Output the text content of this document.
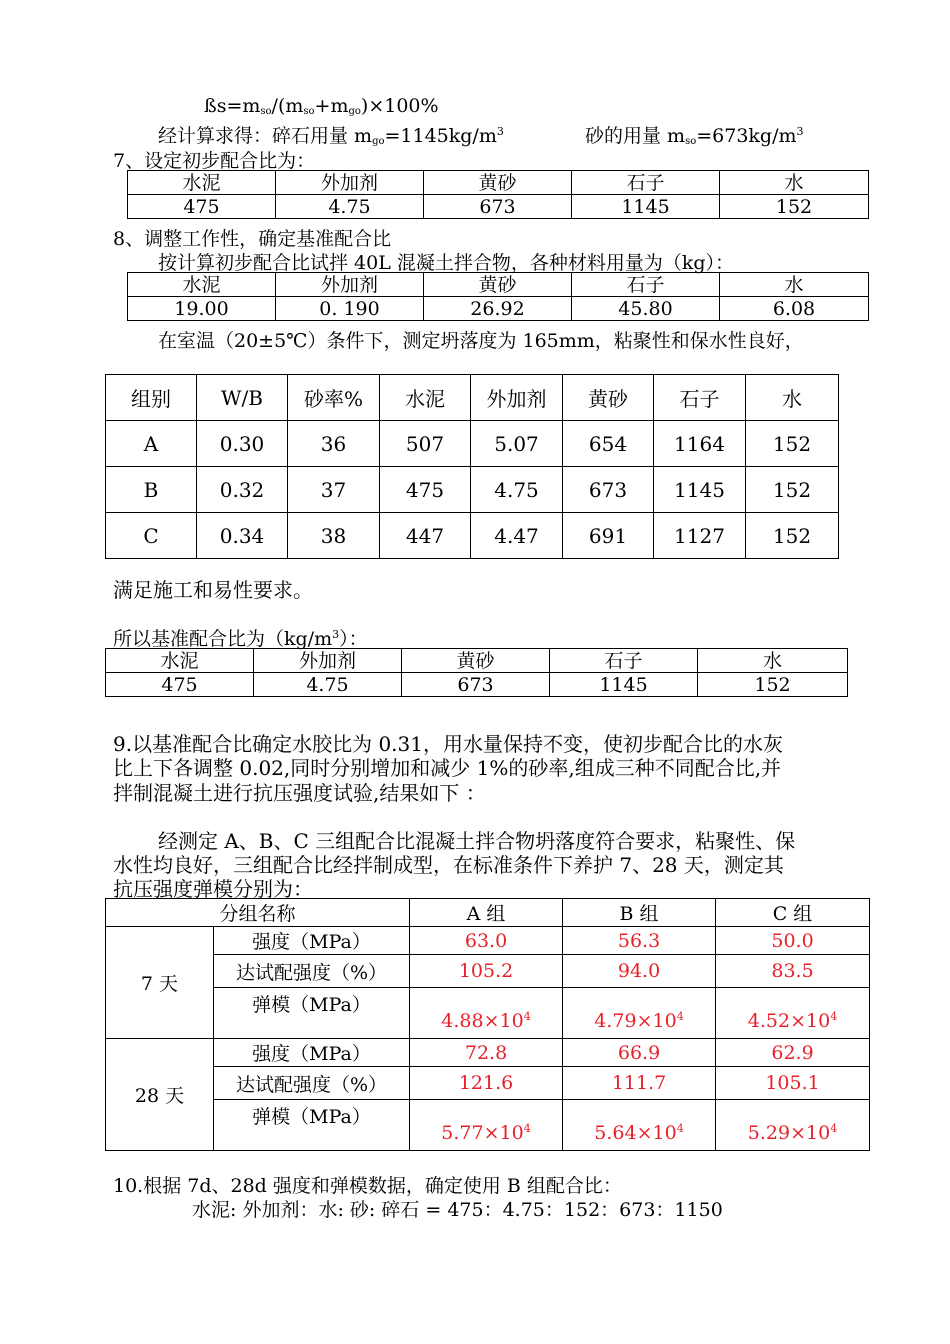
$ßs=m_{so}/(m_{so}+m_{go})\times 100\%$
经计算求得：碎石用量 $m_{go}=1145kg/m^3$	砂的用量 $m_{so}=673kg/m^3$
7、设定初步配合比为：
水泥	外加剂	黄砂	石子	水
475	4.75	673	1145	152
8、调整工作性，确定基准配合比
按计算初步配合比试拌 40L 混凝土拌合物，各种材料用量为（kg）：
水泥	外加剂	黄砂	石子	水
19.00	0. 190	26.92	45.80	6.08
在室温（20±5℃）条件下，测定坍落度为 165mm，粘聚性和保水性良好，
组别	W/B	砂率%	水泥	外加剂	黄砂	石子	水
A	0.30	36	507	5.07	654	1164	152
B	0.32	37	475	4.75	673	1145	152
C	0.34	38	447	4.47	691	1127	152
满足施工和易性要求。
所以基准配合比为$(kg/m^3)$：
水泥	外加剂	黄砂	石子	水
475	4.75	673	1145	152
9.以基准配合比确定水胶比为 0.31，用水量保持不变，使初步配合比的水灰
比上下各调整 0.02,同时分别增加和减少 1%的砂率,组成三种不同配合比,并
拌制混凝土进行抗压强度试验,结果如下 ：
经测定 A、B、C 三组配合比混凝土拌合物坍落度符合要求，粘聚性、保
水性均良好，三组配合比经拌制成型，在标准条件下养护 7、28 天，测定其
抗压强度弹模分别为：
分组名称		A 组	B 组	C 组
7 天	强度（MPa）	63.0	56.3	50.0
	达试配强度（%）	105.2	94.0	83.5
	弹模（MPa）	$4.88\times 10^4$	$4.79\times 10^4$	$4.52\times 10^4$
28 天	强度（MPa）	72.8	66.9	62.9
	达试配强度（%）	121.6	111.7	105.1
	弹模（MPa）	$5.77\times 10^4$	$5.64\times 10^4$	$5.29\times 10^4$
10.根据 7d、28d 强度和弹模数据，确定使用 B 组配合比：
水泥: 外加剂：水: 砂: 碎石 = 475：4.75：152：673：1150
